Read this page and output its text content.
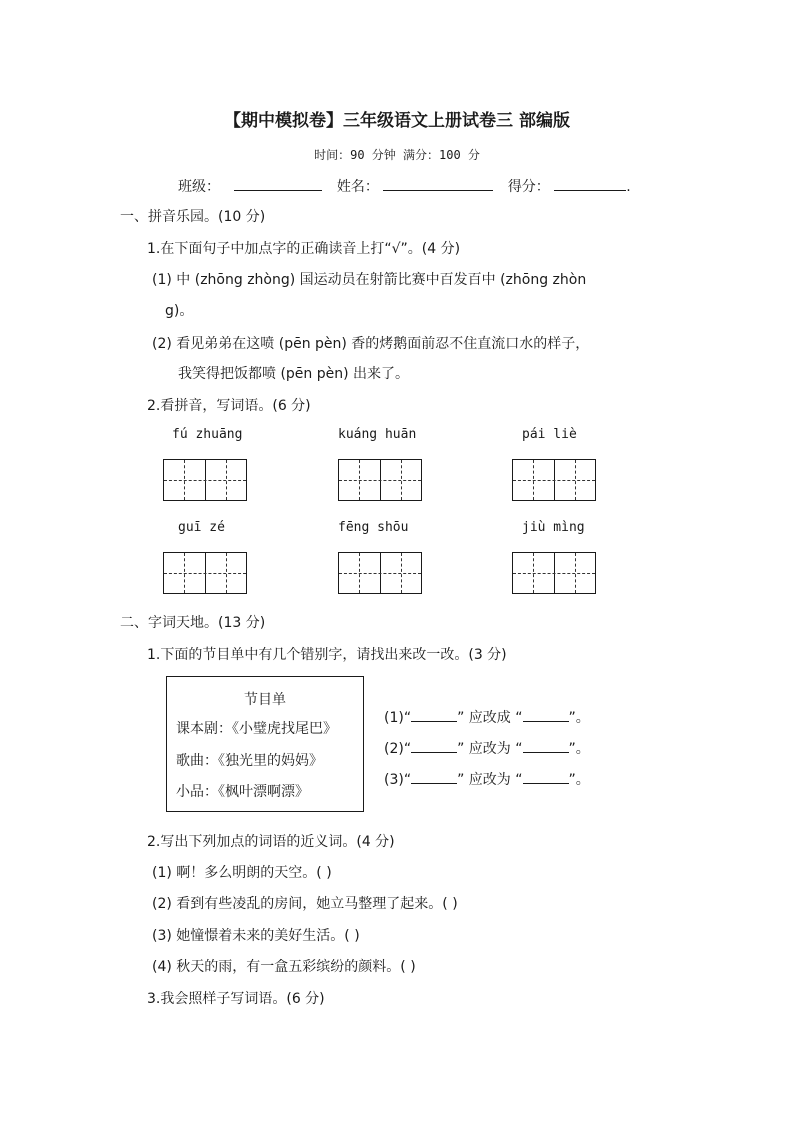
【期中模拟卷】三年级语文上册试卷三 部编版
时间：90 分钟 满分：100 分
班级：	姓名：	得分：	.
一、拼音乐园。(10 分)
1.在下面句子中加点字的正确读音上打“√”。(4 分)
(1) 中 (zhōng zhòng) 国运动员在射箭比赛中百发百中 (zhōng zhòn
g)。
(2) 看见弟弟在这喷 (pēn pèn) 香的烤鹅面前忍不住直流口水的样子，
我笑得把饭都喷 (pēn pèn) 出来了。
2.看拼音，写词语。(6 分)
fú zhuāng	kuáng huān	pái liè
guī zé	fēng shōu	jiù mìng
二、字词天地。(13 分)
1.下面的节目单中有几个错别字，请找出来改一改。(3 分)
节目单
课本剧：《小璧虎找尾巴》
歌曲：《独光里的妈妈》
小品：《枫叶漂啊漂》
(1)“	” 应改成 “	”。
(2)“	” 应改为 “	”。
(3)“	” 应改为 “	”。
2.写出下列加点的词语的近义词。(4 分)
(1) 啊！多么明朗的天空。( )
(2) 看到有些凌乱的房间，她立马整理了起来。( )
(3) 她憧憬着未来的美好生活。( )
(4) 秋天的雨，有一盒五彩缤纷的颜料。( )
3.我会照样子写词语。(6 分)
